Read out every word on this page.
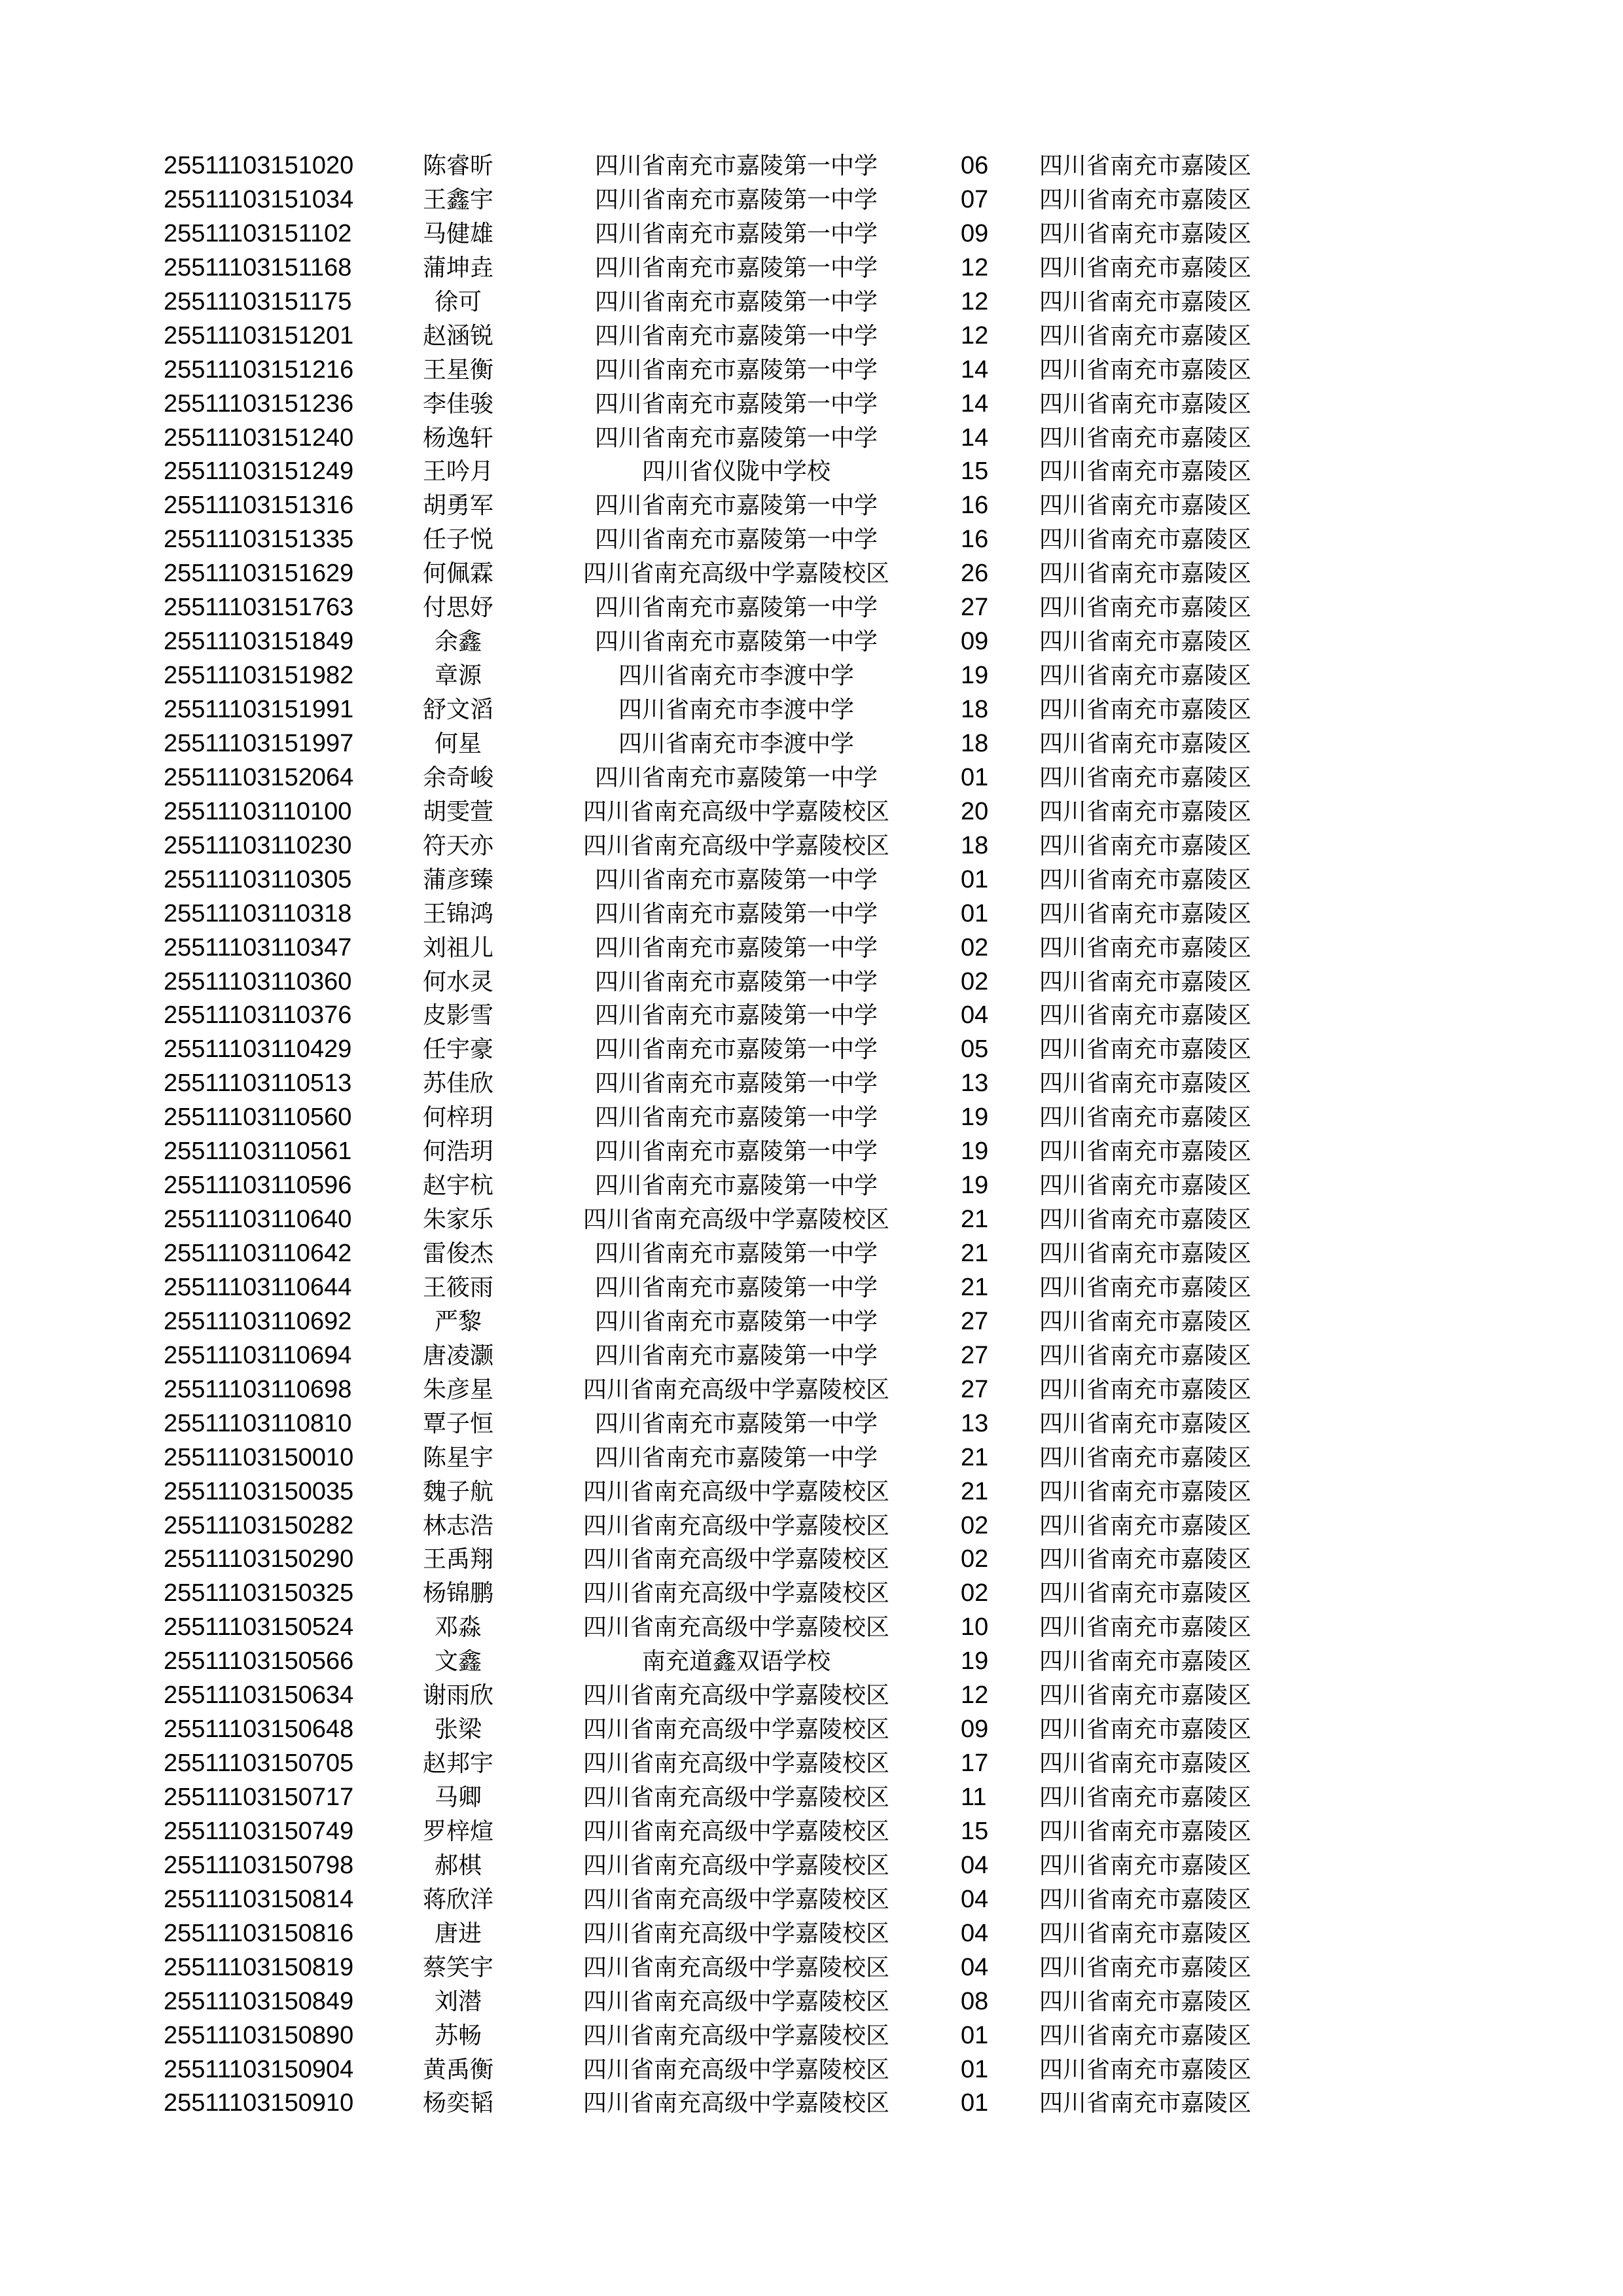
25511103151020	陈睿昕	四川省南充市嘉陵第一中学	06 四川省南充市嘉陵区
25511103151034	王鑫宇	四川省南充市嘉陵第一中学	07 四川省南充市嘉陵区
25511103151102	马健雄	四川省南充市嘉陵第一中学	09 四川省南充市嘉陵区
25511103151168	蒲坤垚	四川省南充市嘉陵第一中学	12 四川省南充市嘉陵区
25511103151175	徐可	四川省南充市嘉陵第一中学	12 四川省南充市嘉陵区
25511103151201	赵涵锐	四川省南充市嘉陵第一中学	12 四川省南充市嘉陵区
25511103151216	王星衡	四川省南充市嘉陵第一中学	14 四川省南充市嘉陵区
25511103151236	李佳骏	四川省南充市嘉陵第一中学	14 四川省南充市嘉陵区
25511103151240	杨逸轩	四川省南充市嘉陵第一中学	14 四川省南充市嘉陵区
25511103151249	王吟月	四川省仪陇中学校	15 四川省南充市嘉陵区
25511103151316	胡勇军	四川省南充市嘉陵第一中学	16 四川省南充市嘉陵区
25511103151335	任子悦	四川省南充市嘉陵第一中学	16 四川省南充市嘉陵区
25511103151629	何佩霖	四川省南充高级中学嘉陵校区	26 四川省南充市嘉陵区
25511103151763	付思妤	四川省南充市嘉陵第一中学	27 四川省南充市嘉陵区
25511103151849	余鑫	四川省南充市嘉陵第一中学	09 四川省南充市嘉陵区
25511103151982	章源	四川省南充市李渡中学	19 四川省南充市嘉陵区
25511103151991	舒文滔	四川省南充市李渡中学	18 四川省南充市嘉陵区
25511103151997	何星	四川省南充市李渡中学	18 四川省南充市嘉陵区
25511103152064	余奇峻	四川省南充市嘉陵第一中学	01 四川省南充市嘉陵区
25511103110100	胡雯萱	四川省南充高级中学嘉陵校区	20 四川省南充市嘉陵区
25511103110230	符天亦	四川省南充高级中学嘉陵校区	18 四川省南充市嘉陵区
25511103110305	蒲彦臻	四川省南充市嘉陵第一中学	01 四川省南充市嘉陵区
25511103110318	王锦鸿	四川省南充市嘉陵第一中学	01 四川省南充市嘉陵区
25511103110347	刘祖儿	四川省南充市嘉陵第一中学	02 四川省南充市嘉陵区
25511103110360	何水灵	四川省南充市嘉陵第一中学	02 四川省南充市嘉陵区
25511103110376	皮影雪	四川省南充市嘉陵第一中学	04 四川省南充市嘉陵区
25511103110429	任宇豪	四川省南充市嘉陵第一中学	05 四川省南充市嘉陵区
25511103110513	苏佳欣	四川省南充市嘉陵第一中学	13 四川省南充市嘉陵区
25511103110560	何梓玥	四川省南充市嘉陵第一中学	19 四川省南充市嘉陵区
25511103110561	何浩玥	四川省南充市嘉陵第一中学	19 四川省南充市嘉陵区
25511103110596	赵宇杭	四川省南充市嘉陵第一中学	19 四川省南充市嘉陵区
25511103110640	朱家乐	四川省南充高级中学嘉陵校区	21 四川省南充市嘉陵区
25511103110642	雷俊杰	四川省南充市嘉陵第一中学	21 四川省南充市嘉陵区
25511103110644	王筱雨	四川省南充市嘉陵第一中学	21 四川省南充市嘉陵区
25511103110692	严黎	四川省南充市嘉陵第一中学	27 四川省南充市嘉陵区
25511103110694	唐凌灏	四川省南充市嘉陵第一中学	27 四川省南充市嘉陵区
25511103110698	朱彦星	四川省南充高级中学嘉陵校区	27 四川省南充市嘉陵区
25511103110810	覃子恒	四川省南充市嘉陵第一中学	13 四川省南充市嘉陵区
25511103150010	陈星宇	四川省南充市嘉陵第一中学	21 四川省南充市嘉陵区
25511103150035	魏子航	四川省南充高级中学嘉陵校区	21 四川省南充市嘉陵区
25511103150282	林志浩	四川省南充高级中学嘉陵校区	02 四川省南充市嘉陵区
25511103150290	王禹翔	四川省南充高级中学嘉陵校区	02 四川省南充市嘉陵区
25511103150325	杨锦鹏	四川省南充高级中学嘉陵校区	02 四川省南充市嘉陵区
25511103150524	邓淼	四川省南充高级中学嘉陵校区	10 四川省南充市嘉陵区
25511103150566	文鑫	南充道鑫双语学校	19 四川省南充市嘉陵区
25511103150634	谢雨欣	四川省南充高级中学嘉陵校区	12 四川省南充市嘉陵区
25511103150648	张梁	四川省南充高级中学嘉陵校区	09 四川省南充市嘉陵区
25511103150705	赵邦宇	四川省南充高级中学嘉陵校区	17 四川省南充市嘉陵区
25511103150717	马卿	四川省南充高级中学嘉陵校区	11 四川省南充市嘉陵区
25511103150749	罗梓煊	四川省南充高级中学嘉陵校区	15 四川省南充市嘉陵区
25511103150798	郝棋	四川省南充高级中学嘉陵校区	04 四川省南充市嘉陵区
25511103150814	蒋欣洋	四川省南充高级中学嘉陵校区	04 四川省南充市嘉陵区
25511103150816	唐进	四川省南充高级中学嘉陵校区	04 四川省南充市嘉陵区
25511103150819	蔡笑宇	四川省南充高级中学嘉陵校区	04 四川省南充市嘉陵区
25511103150849	刘潜	四川省南充高级中学嘉陵校区	08 四川省南充市嘉陵区
25511103150890	苏畅	四川省南充高级中学嘉陵校区	01 四川省南充市嘉陵区
25511103150904	黄禹衡	四川省南充高级中学嘉陵校区	01 四川省南充市嘉陵区
25511103150910	杨奕韬	四川省南充高级中学嘉陵校区	01 四川省南充市嘉陵区
